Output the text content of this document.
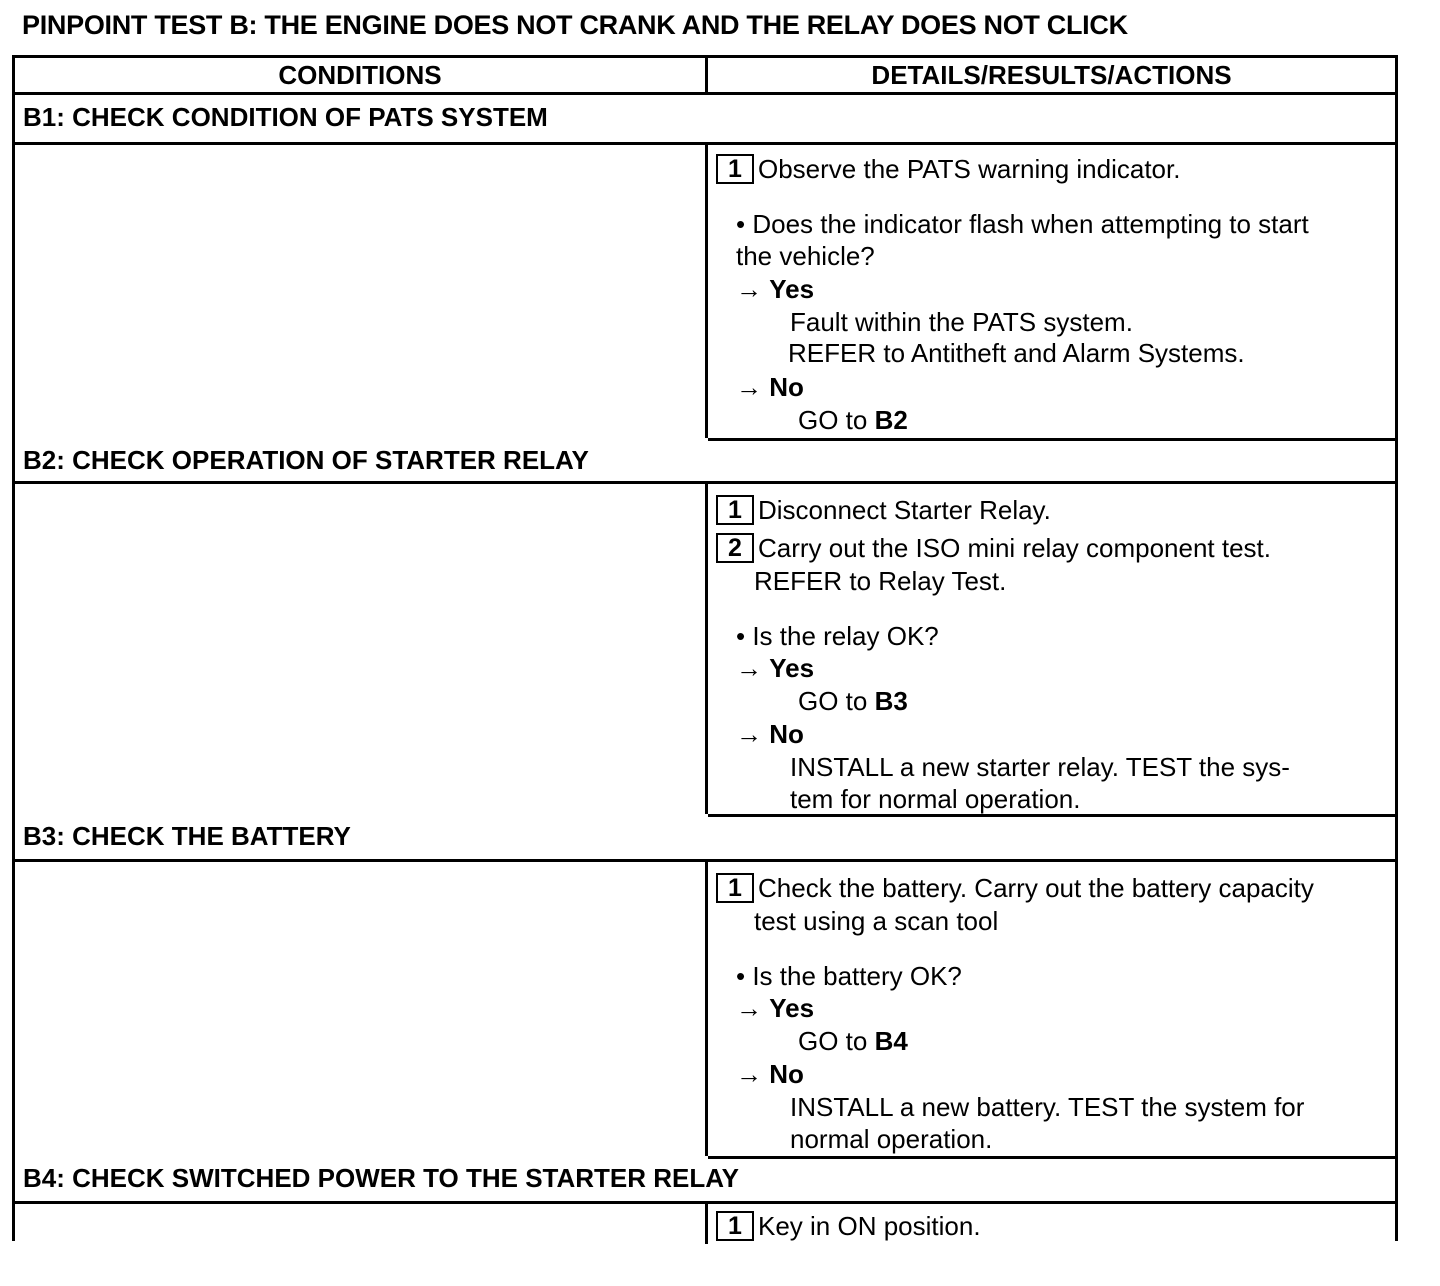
PINPOINT TEST B: THE ENGINE DOES NOT CRANK AND THE RELAY DOES NOT CLICK
CONDITIONS	DETAILS/RESULTS/ACTIONS
B1: CHECK CONDITION OF PATS SYSTEM
1 Observe the PATS warning indicator.
• Does the indicator flash when attempting to start
the vehicle?
→ Yes
Fault within the PATS system.
REFER to Antitheft and Alarm Systems.
→ No
GO to B2
B2: CHECK OPERATION OF STARTER RELAY
1 Disconnect Starter Relay.
2 Carry out the ISO mini relay component test.
REFER to Relay Test.
• Is the relay OK?
→ Yes
GO to B3
→ No
INSTALL a new starter relay. TEST the sys-
tem for normal operation.
B3: CHECK THE BATTERY
1 Check the battery. Carry out the battery capacity
test using a scan tool
• Is the battery OK?
→ Yes
GO to B4
→ No
INSTALL a new battery. TEST the system for
normal operation.
B4: CHECK SWITCHED POWER TO THE STARTER RELAY
1 Key in ON position.
